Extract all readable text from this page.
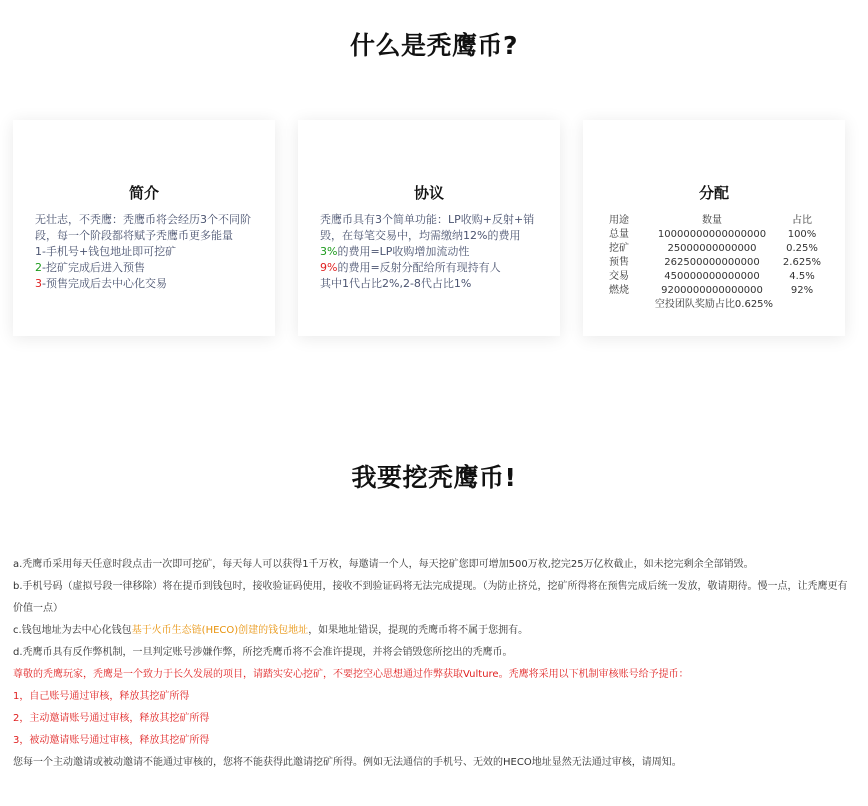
什么是秃鹰币?
简介

无壮志，不秃鹰：秃鹰币将会经历3个不同阶段，每一个阶段都将赋予秃鹰币更多能量

1-手机号+钱包地址即可挖矿

2-挖矿完成后进入预售

3-预售完成后去中心化交易

协议

秃鹰币具有3个简单功能：LP收购+反射+销毁，在每笔交易中，均需缴纳12%的费用

3%的费用=LP收购增加流动性

9%的费用=反射分配给所有现持有人

其中1代占比2%,2-8代占比1%

分配
用途	数量	占比
总量	10000000000000000	100%
挖矿	25000000000000	0.25%
预售	262500000000000	2.625%
交易	450000000000000	4.5%
燃烧	9200000000000000	92%
空投团队奖励占比0.625%
我要挖秃鹰币!

a.秃鹰币采用每天任意时段点击一次即可挖矿，每天每人可以获得1千万枚，每邀请一个人，每天挖矿您即可增加500万枚,挖完25万亿枚截止，如未挖完剩余全部销毁。

b.手机号码（虚拟号段一律移除）将在提币到钱包时，接收验证码使用，接收不到验证码将无法完成提现。（为防止挤兑，挖矿所得将在预售完成后统一发放，敬请期待。慢一点，让秃鹰更有价值一点）

c.钱包地址为去中心化钱包基于火币生态链(HECO)创建的钱包地址，如果地址错误，提现的秃鹰币将不属于您拥有。

d.秃鹰币具有反作弊机制，一旦判定账号涉嫌作弊，所挖秃鹰币将不会准许提现，并将会销毁您所挖出的秃鹰币。

尊敬的秃鹰玩家，秃鹰是一个致力于长久发展的项目，请踏实安心挖矿，不要挖空心思想通过作弊获取Vulture。秃鹰将采用以下机制审核账号给予提币：

1，自己账号通过审核，释放其挖矿所得

2，主动邀请账号通过审核，释放其挖矿所得

3，被动邀请账号通过审核，释放其挖矿所得

您每一个主动邀请或被动邀请不能通过审核的，您将不能获得此邀请挖矿所得。例如无法通信的手机号、无效的HECO地址显然无法通过审核，请周知。
